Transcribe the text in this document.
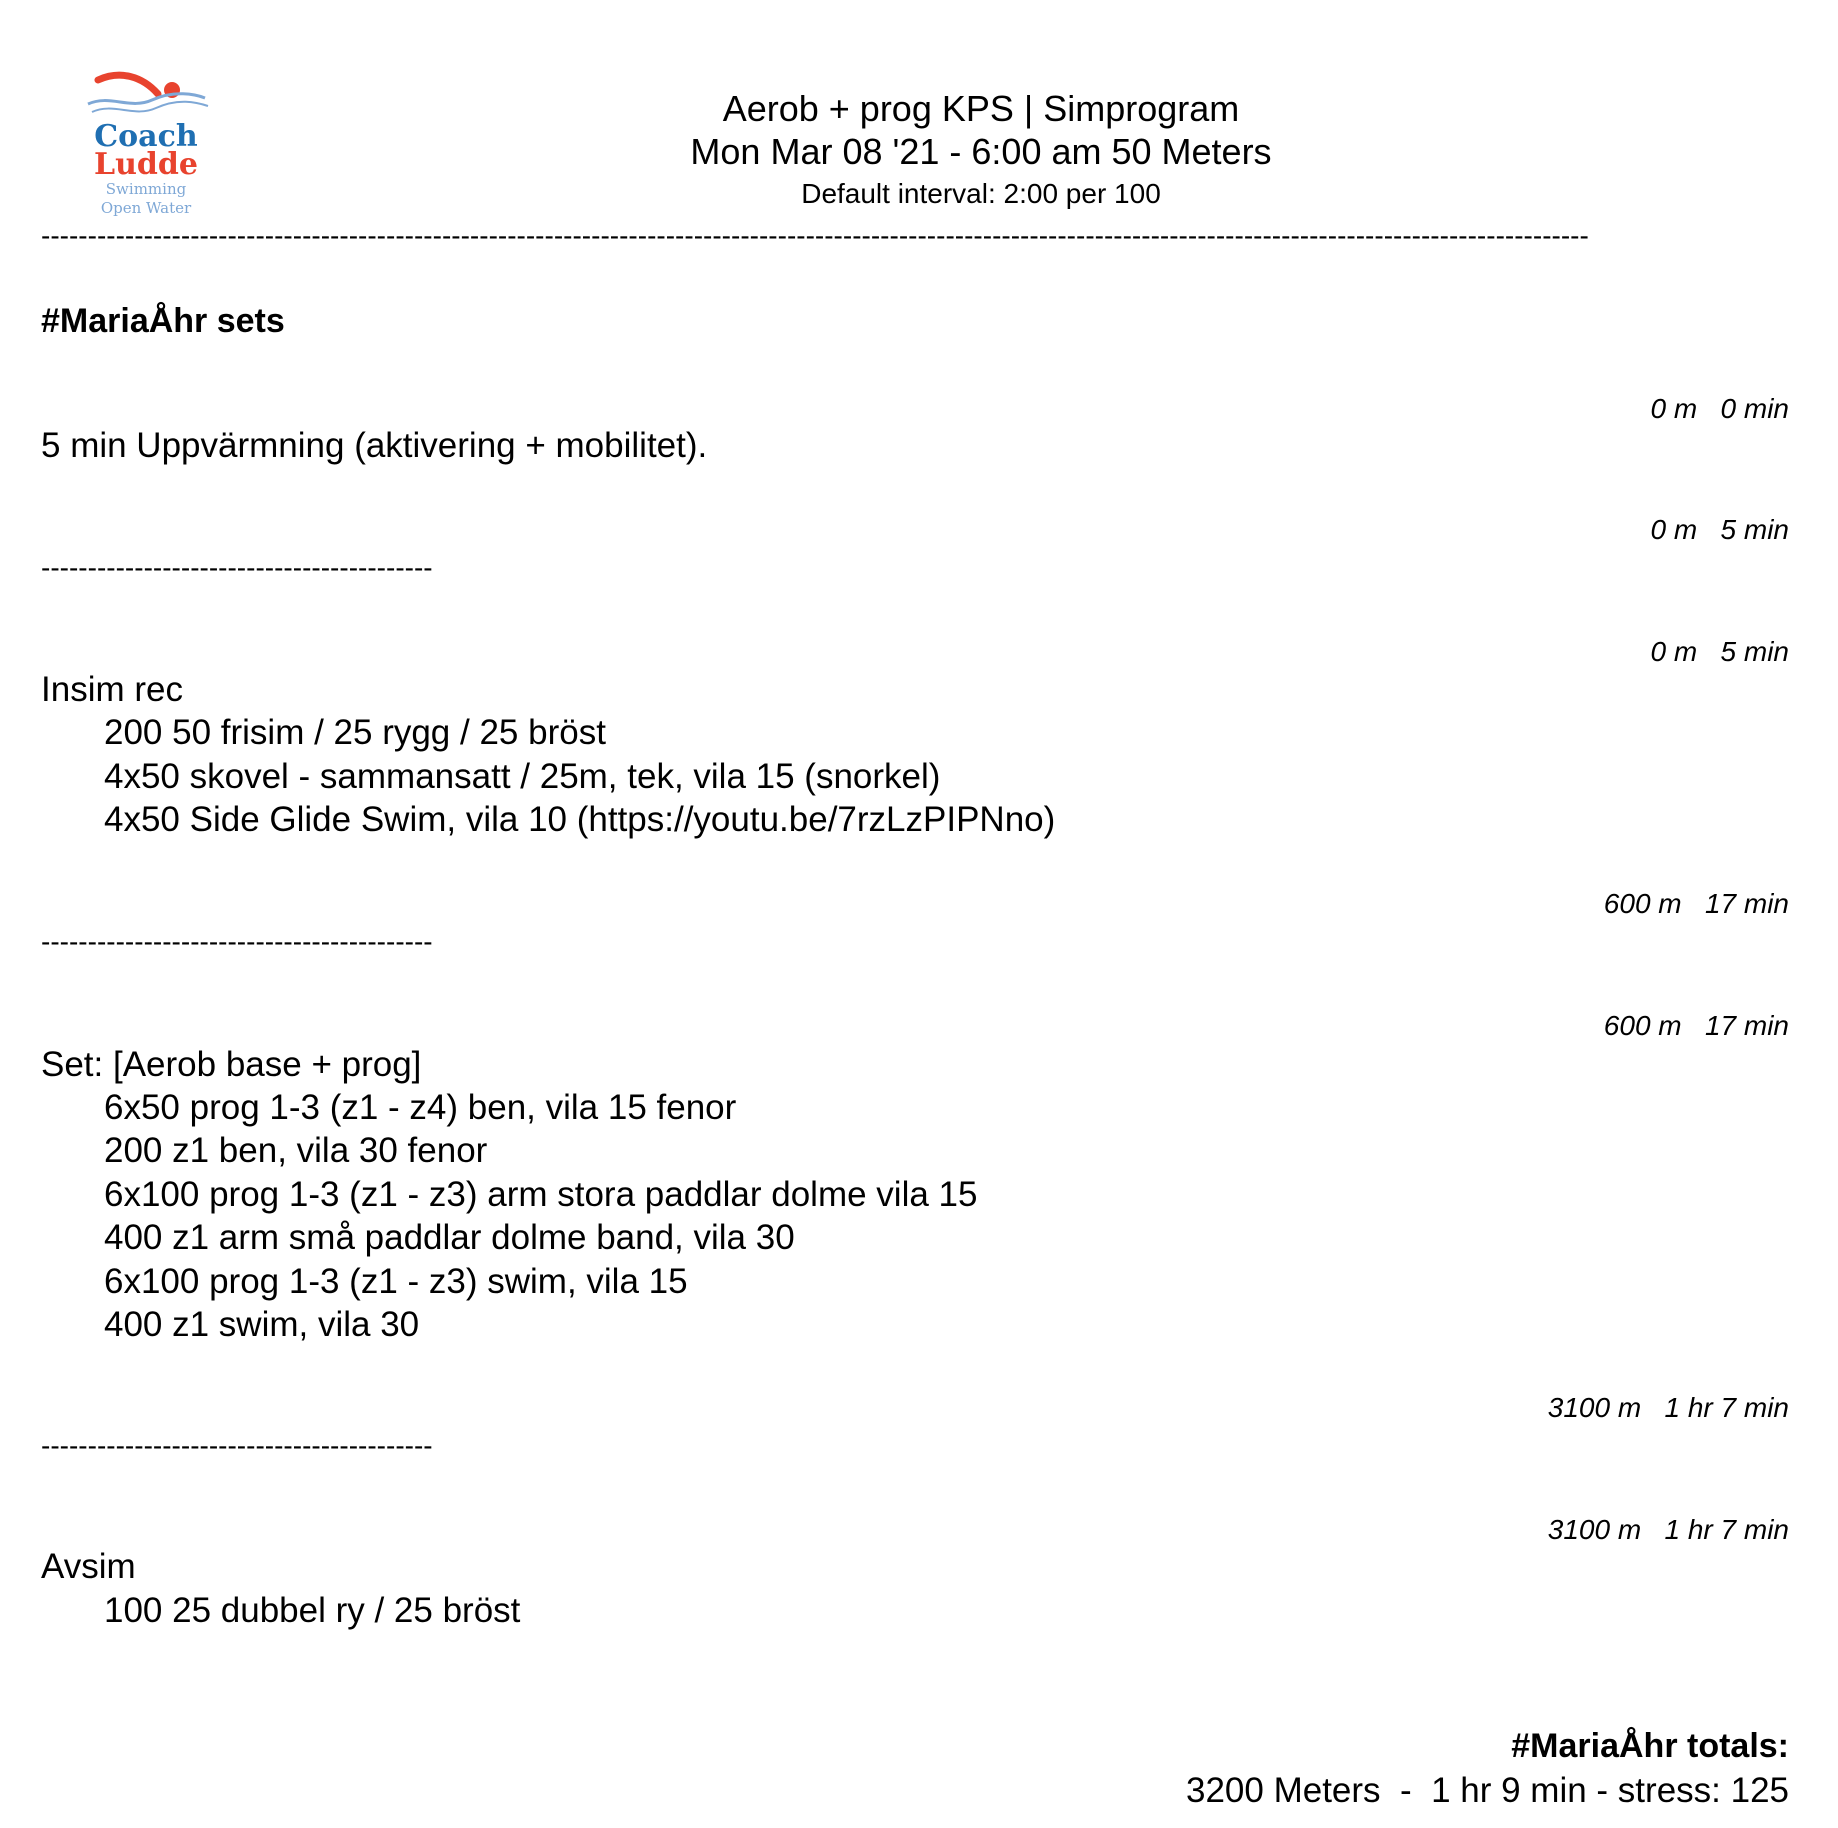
Coach
Ludde
Swimming
Open Water
Aerob + prog KPS | Simprogram
Mon Mar 08 '21 - 6:00 am 50 Meters
Default interval: 2:00 per 100
----------------------------------------------------------------------------------------------------------------------------------------------------------------------
#MariaÅhr sets
0 m   0 min
5 min Uppvärmning (aktivering + mobilitet).
0 m   5 min
------------------------------------------
0 m   5 min
Insim rec
200 50 frisim / 25 rygg / 25 bröst
4x50 skovel - sammansatt / 25m, tek, vila 15 (snorkel)
4x50 Side Glide Swim, vila 10 (https://youtu.be/7rzLzPIPNno)
600 m   17 min
------------------------------------------
600 m   17 min
Set: [Aerob base + prog]
6x50 prog 1-3 (z1 - z4) ben, vila 15 fenor
200 z1 ben, vila 30 fenor
6x100 prog 1-3 (z1 - z3) arm stora paddlar dolme vila 15
400 z1 arm små paddlar dolme band, vila 30
6x100 prog 1-3 (z1 - z3) swim, vila 15
400 z1 swim, vila 30
3100 m   1 hr 7 min
------------------------------------------
3100 m   1 hr 7 min
Avsim
100 25 dubbel ry / 25 bröst
#MariaÅhr totals:
3200 Meters  -  1 hr 9 min - stress: 125
